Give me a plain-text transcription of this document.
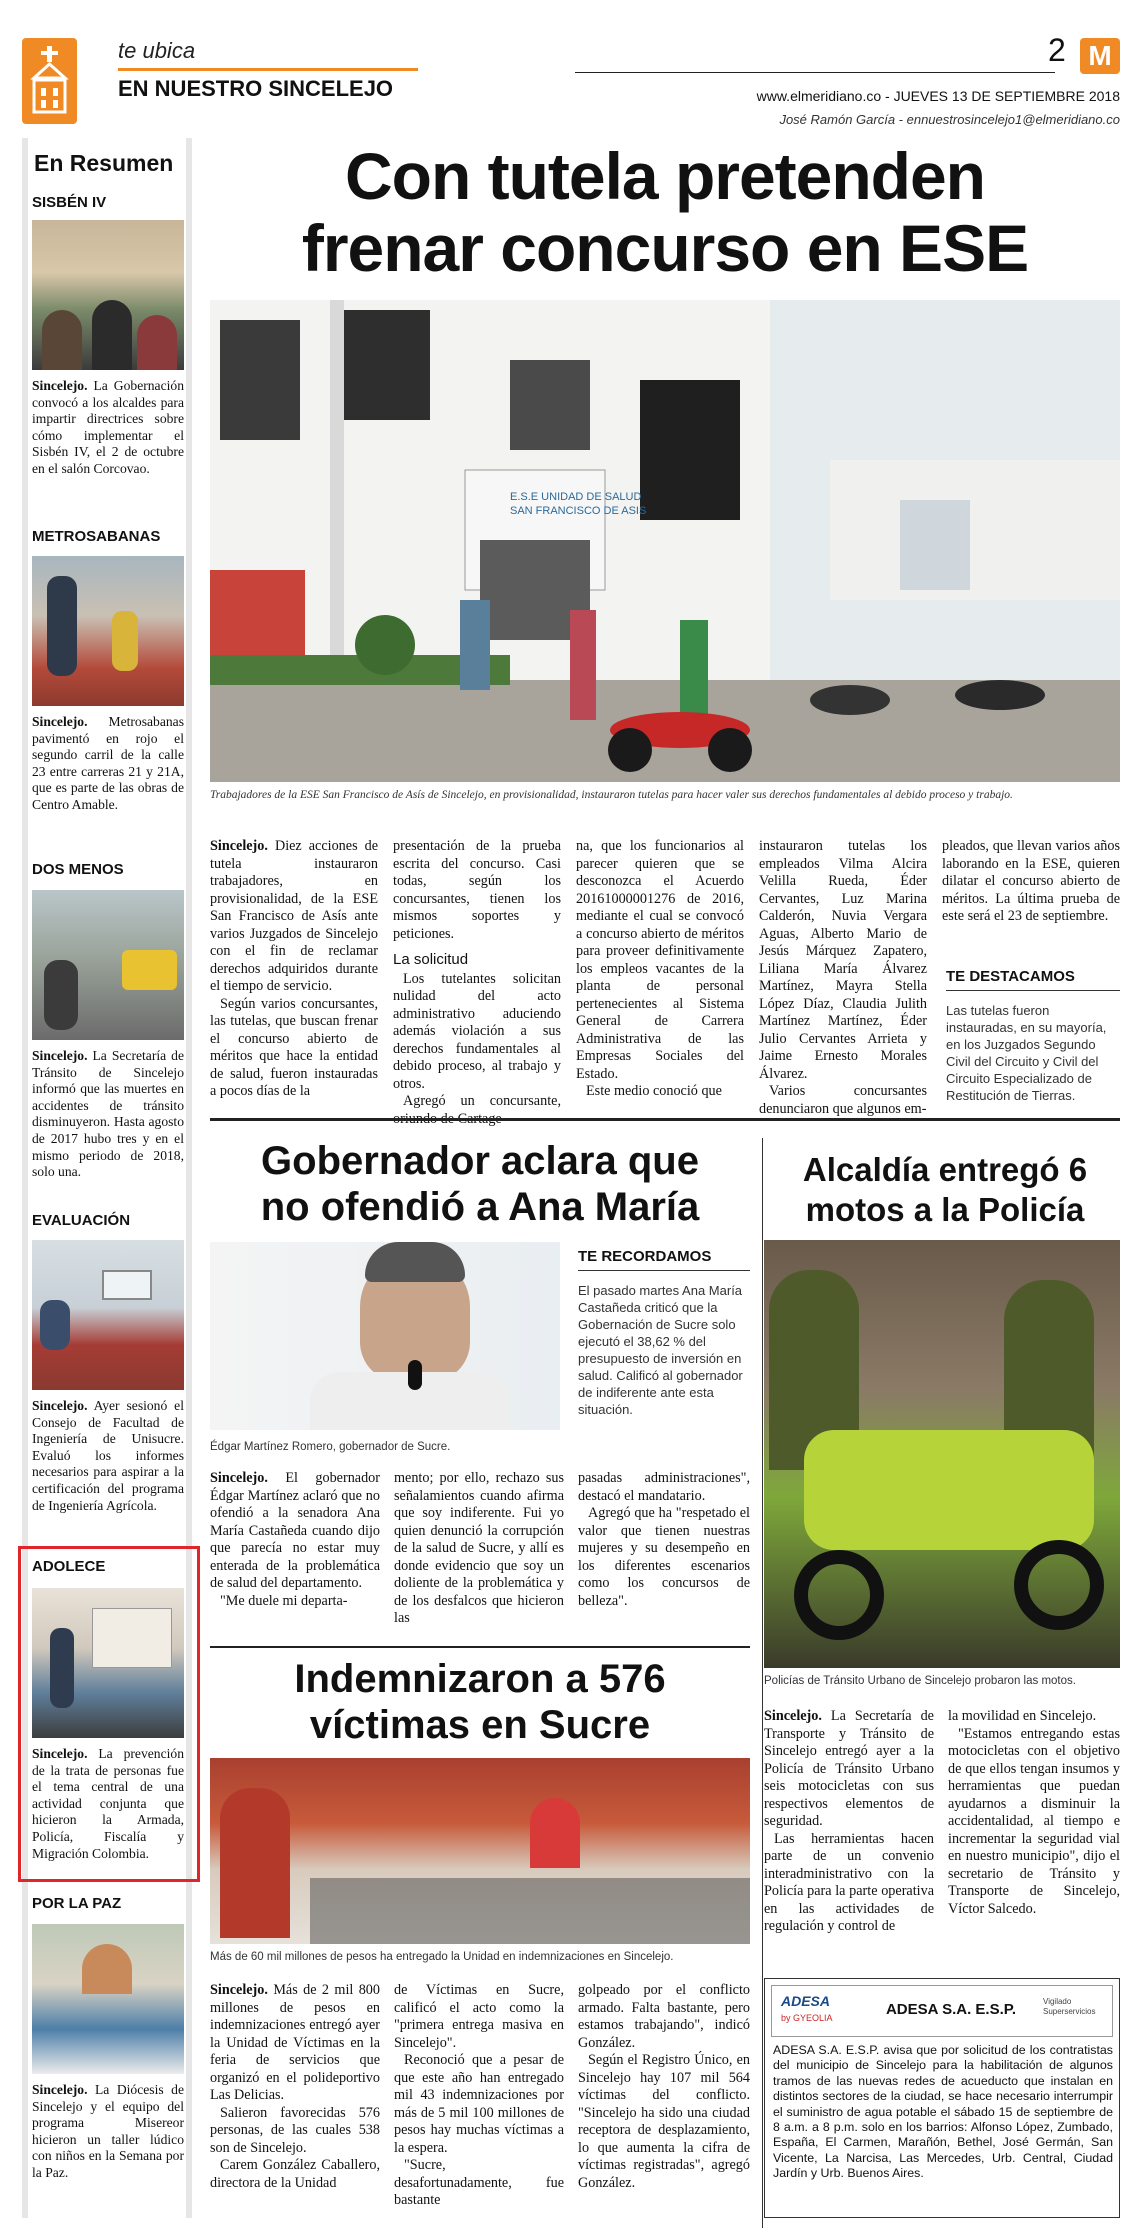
te ubica
EN NUESTRO SINCELEJO
2 M
www.elmeridiano.co - JUEVES 13 DE SEPTIEMBRE 2018
José Ramón García - ennuestrosincelejo1@elmeridiano.co
En Resumen
SISBÉN IV
Sincelejo. La Gobernación convocó a los alcaldes para impartir directrices sobre cómo implementar el Sisbén IV, el 2 de octubre en el salón Corcovao.
METROSABANAS
Sincelejo. Metrosabanas pavimentó en rojo el segundo carril de la calle 23 entre carreras 21 y 21A, que es parte de las obras de Centro Amable.
DOS MENOS
Sincelejo. La Secretaría de Tránsito de Sincelejo informó que las muertes en accidentes de tránsito disminuyeron. Hasta agosto de 2017 hubo tres y en el mismo periodo de 2018, solo una.
EVALUACIÓN
Sincelejo. Ayer sesionó el Consejo de Facultad de Ingeniería de Unisucre. Evaluó los informes necesarios para aspirar a la certificación del programa de Ingeniería Agrícola.
ADOLECE
Sincelejo. La prevención de la trata de personas fue el tema central de una actividad conjunta que hicieron la Armada, Policía, Fiscalía y Migración Colombia.
POR LA PAZ
Sincelejo. La Diócesis de Sincelejo y el equipo del programa Misereor hicieron un taller lúdico con niños en la Semana por la Paz.
Con tutela pretenden
frenar concurso en ESE
E.S.E UNIDAD DE SALUD
SAN FRANCISCO DE ASIS
Trabajadores de la ESE San Francisco de Asís de Sincelejo, en provisionalidad, instauraron tutelas para hacer valer sus derechos fundamentales al debido proceso y trabajo.

Sincelejo. Diez acciones de tutela instauraron trabajadores, en provisionalidad, de la ESE San Francisco de Asís ante varios Juzgados de Sincelejo con el fin de reclamar derechos adquiridos durante el tiempo de servicio.

Según varios concursantes, las tutelas, que buscan frenar el concurso abierto de méritos que hace la entidad de salud, fueron instauradas a pocos días de la

presentación de la prueba escrita del concurso. Casi todas, según los concursantes, tienen los mismos soportes y peticiones.

La solicitud

Los tutelantes solicitan nulidad del acto administrativo aduciendo además violación a sus derechos fundamentales al debido proceso, al trabajo y otros.

Agregó un concursante,

na, que los funcionarios al parecer quieren que se desconozca el Acuerdo 20161000001276 de 2016, mediante el cual se convocó a concurso abierto de méritos para proveer definitivamente los empleos vacantes de la planta de personal pertenecientes al Sistema General de Carrera Administrativa de las Empresas Sociales del Estado.

Este medio conoció que

instauraron tutelas los empleados Vilma Alcira Velilla Rueda, Éder Cervantes, Luz Marina Calderón, Nuvia Vergara Aguas, Alberto Mario de Jesús Márquez Zapatero, Liliana María Álvarez Martínez, Mayra Stella López Díaz, Claudia Julith Martínez Martínez, Éder Julio Cervantes Arrieta y Jaime Ernesto Morales Álvarez.

Varios concursantes denunciaron que algunos em-

pleados, que llevan varios años laborando en la ESE, quieren dilatar el concurso abierto de méritos. La última prueba de este será el 23 de septiembre.

TE DESTACAMOS
Las tutelas fueron instauradas, en su mayoría, en los Juzgados Segundo Civil del Circuito y Civil del Circuito Especializado de Restitución de Tierras.
Gobernador aclara que
no ofendió a Ana María
Édgar Martínez Romero, gobernador de Sucre.
TE RECORDAMOS
El pasado martes Ana María Castañeda criticó que la Gobernación de Sucre solo ejecutó el 38,62 % del presupuesto de inversión en salud. Calificó al gobernador de indiferente ante esta situación.

Sincelejo. El gobernador Édgar Martínez aclaró que no ofendió a la senadora Ana María Castañeda cuando dijo que parecía no estar muy enterada de la problemática de salud del departamento.

"Me duele mi departa-

mento; por ello, rechazo sus señalamientos cuando afirma que soy indiferente. Fui yo quien denunció la corrupción de la salud de Sucre, y allí es donde evidencio que soy un doliente de la problemática y de los desfalcos que hicieron las

pasadas administraciones", destacó el mandatario.

Agregó que ha "respetado el valor que tienen nuestras mujeres y su desempeño en los diferentes escenarios como los concursos de belleza".

Indemnizaron a 576
víctimas en Sucre
Más de 60 mil millones de pesos ha entregado la Unidad en indemnizaciones en Sincelejo.

Sincelejo. Más de 2 mil 800 millones de pesos en indemnizaciones entregó ayer la Unidad de Víctimas en la feria de servicios que organizó en el polideportivo Las Delicias.

Salieron favorecidas 576 personas, de las cuales 538 son de Sincelejo.

Carem González Caballero, directora de la Unidad

de Víctimas en Sucre, calificó el acto como la "primera entrega masiva en Sincelejo".

Reconoció que a pesar de que este año han entregado mil 43 indemnizaciones por más de 5 mil 100 millones de pesos hay muchas víctimas a la espera.

"Sucre, desafortunadamente, fue bastante

golpeado por el conflicto armado. Falta bastante, pero estamos trabajando", indicó González.

Según el Registro Único, en Sincelejo hay 107 mil 564 víctimas del conflicto. "Sincelejo ha sido una ciudad receptora de desplazamiento, lo que aumenta la cifra de víctimas registradas", agregó González.

Alcaldía entregó 6
motos a la Policía
Policías de Tránsito Urbano de Sincelejo probaron las motos.

Sincelejo. La Secretaría de Transporte y Tránsito de Sincelejo entregó ayer a la Policía de Tránsito Urbano seis motocicletas con sus respectivos elementos de seguridad.

Las herramientas hacen parte de un convenio interadministrativo con la Policía para la parte operativa en las actividades de regulación y control de

la movilidad en Sincelejo.

"Estamos entregando estas motocicletas con el objetivo de que ellos tengan insumos y herramientas que puedan ayudarnos a disminuir la accidentalidad, al tiempo e incrementar la seguridad vial en nuestro municipio", dijo el secretario de Tránsito y Transporte de Sincelejo, Víctor Salcedo.

ADESA
by GYEOLIA	ADESA S.A. E.S.P.	Vigilado Superservicios
ADESA S.A. E.S.P. avisa que por solicitud de los contratistas del municipio de Sincelejo para la habilitación de algunos tramos de las nuevas redes de acueducto que instalan en distintos sectores de la ciudad, se hace necesario interrumpir el suministro de agua potable el sábado 15 de septiembre de 8 a.m. a 8 p.m. solo en los barrios: Alfonso López, Zumbado, España, El Carmen, Marañón, Bethel, José Germán, San Vicente, La Narcisa, Las Mercedes, Urb. Central, Ciudad Jardín y Urb. Buenos Aires.
